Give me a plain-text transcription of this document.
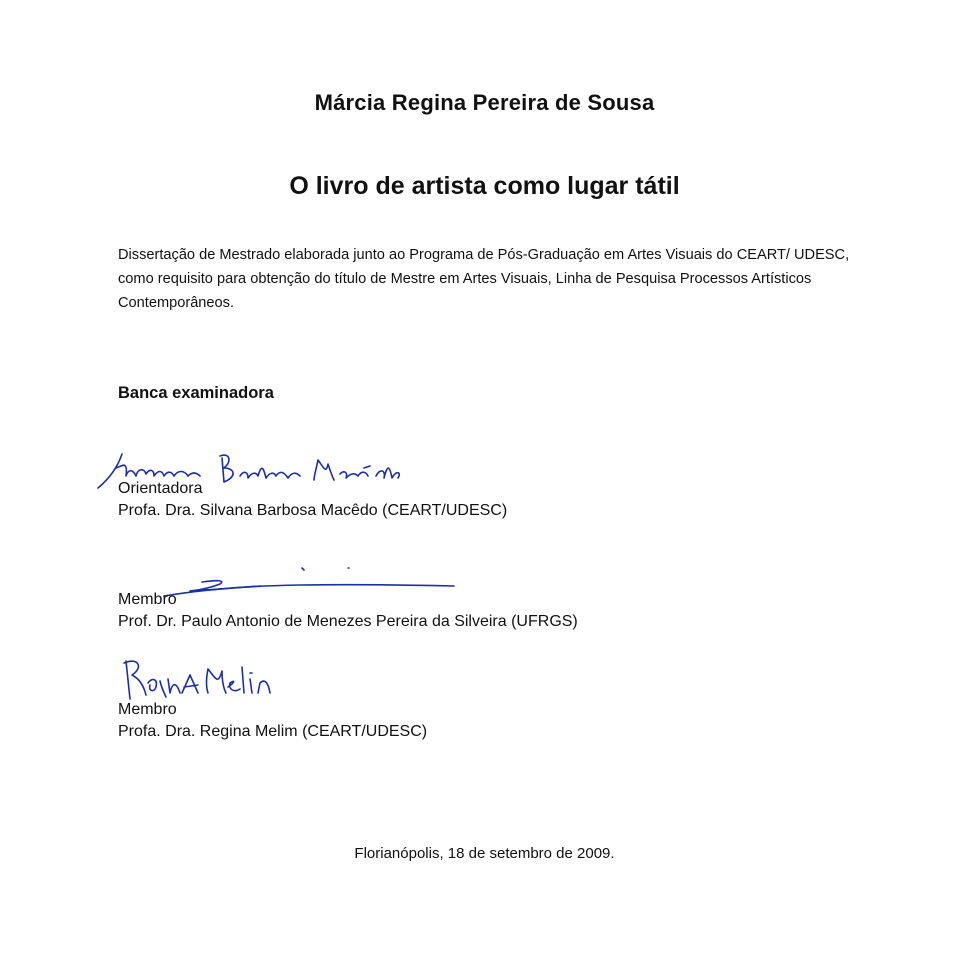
Márcia Regina Pereira de Sousa
O livro de artista como lugar tátil

Dissertação de Mestrado elaborada junto ao Programa de Pós-Graduação em Artes Visuais do CEART/ UDESC, como requisito para obtenção do título de Mestre em Artes Visuais, Linha de Pesquisa Processos Artísticos Contemporâneos.

Banca examinadora
Orientadora
Profa. Dra. Silvana Barbosa Macêdo (CEART/UDESC)
Membro
Prof. Dr. Paulo Antonio de Menezes Pereira da Silveira (UFRGS)
Membro
Profa. Dra. Regina Melim (CEART/UDESC)
Florianópolis, 18 de setembro de 2009.
